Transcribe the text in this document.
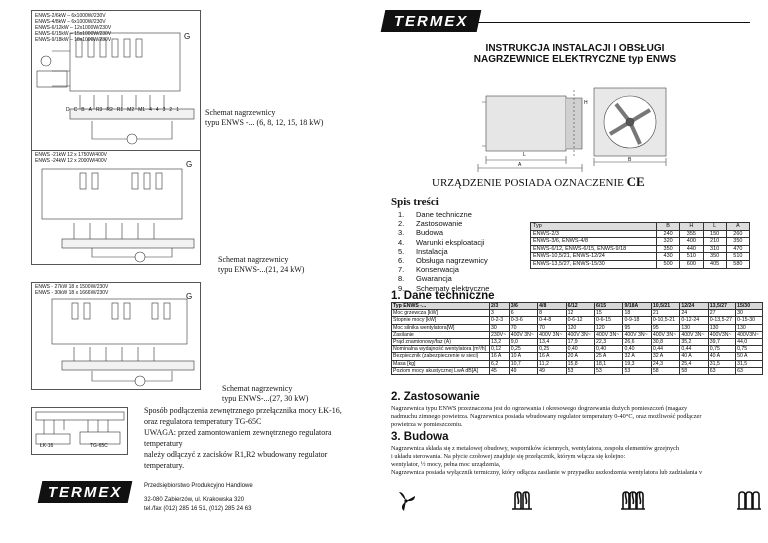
ENWS-2/6kW – 6x1000W/230V
ENWS-4/8kW – 6x1000W/230V
ENWS-6/12kW – 12x1000W/230V
ENWS-6/15kW – 15x1000W/230V
ENWS-9/18kW – 18x1000W/230V	G
D C B A R3 R2 R1 M2 M1 4 4 3 2 1	Schemat nagrzewnicy
typu ENWS -... (6, 8, 12, 15, 18 kW)
ENWS -21kW 12 x 1750W/400V
ENWS -24kW 12 x 2000W/400V	G
Schemat nagrzewnicy
typu ENWS-...(21, 24 kW)
ENWS - 27kW 18 x 1500W/230V
ENWS - 30kW 18 x 1666W/230V	G
Schemat nagrzewnicy
typu ENWS-...(27, 30 kW)
ŁK-16	TG-65C
Sposób podłączenia zewnętrznego przełącznika mocy ŁK-16,
oraz regulatora temperatury TG-65C
UWAGA: przed zamontowaniem zewnętrznego regulatora temperatury
należy odłączyć z zacisków R1,R2 wbudowany regulator temperatury.
TERMEX	Przedsiębiorstwo Produkcyjno Handlowe
32-080 Zabierzów, ul. Krakowska 320
tel./fax (012) 285 16 51, (012) 285 24 63
TERMEX
INSTRUKCJA INSTALACJI I OBSŁUGI
NAGRZEWNICE ELEKTRYCZNE typ ENWS
H
L
A
B
URZĄDZENIE POSIADA OZNACZENIE CE
Spis treści
1. Dane techniczne
2. Zastosowanie
3. Budowa
4. Warunki eksploatacji
5. Instalacja
6. Obsługa nagrzewnicy
7. Konserwacja
8. Gwarancja
9. Schematy elektryczne
Typ	B	H	L	A
ENWS-2/3	240	355	150	260
ENWS-3/6, ENWS-4/8	320	400	210	350
ENWS-6/12, ENWS-6/15, ENWS-9/18	350	440	310	470
ENWS-10,5/21, ENWS-12/24	430	510	350	510
ENWS-13,5/27, ENWS-15/30	500	600	405	580
1. Dane techniczne
Typ ENWS -...	2/3	3/6	4/8	6/12	6/15	9/18A	10,5/21	12/24	13,5/27	15/30
Moc grzewcza [kW]	3	6	8	12	15	18	21	24	27	30
Stopnie mocy [kW]	0-2-3	0-3-6	0-4-8	0-6-12	0-6-15	0-9-18	0-10,5-21	0-12-24	0-13,5-27	0-15-30
Moc silnika wentylatora[W]	30	70	70	120	120	95	95	130	130	130
Zasilanie	230V~	400V 3N~	400V 3N~	400V 3N~	400V 3N~	400V 3N~	400V 3N~	400V 3N~	400V3N~	400V3N~
Prąd znamionowy/faz (A)	13,2	9,0	13,4	17,9	22,3	26,6	30,8	35,2	39,7	44,0
Nominalna wydajność wentylatora [m³/h]	0,12	0,25	0,25	0,40	0,40	0,40	0,44	0,44	0,75	0,75
Bezpiecznik (zabezpieczenie w sieci)	16 A	10 A	16 A	20 A	25 A	32 A	32 A	40 A	40 A	50 A
Masa [kg]	6,2	10,7	11,2	15,8	18,1	19,3	24,3	25,4	31,5	31,5
Poziom mocy akustycznej LwA dB[A]	45	49	49	53	53	53	58	58	63	63
2. Zastosowanie
Nagrzewnica typu ENWS przeznaczona jest do ogrzewania i okresowego dogrzewania dużych pomieszczeń (magazy
nadmuchu zimnego powietrza. Nagrzewnica posiada wbudowany regulator temperatury 0-40°C, oraz możliwość podłączer
powietrza w pomieszczeniu.
3. Budowa
Nagrzewnica składa się z metalowej obudowy, wsporników ściennych, wentylatora, zespołu elementów grzejnych
i układu sterowania. Na płycie czołowej znajduje się przełącznik, którym włącza się kolejno:
wentylator, ½ mocy, pełna moc urządzenia,
Nagrzewnica posiada wyłącznik termiczny, który odłącza zasilanie w przypadku uszkodzenia wentylatora lub zadziałania v
